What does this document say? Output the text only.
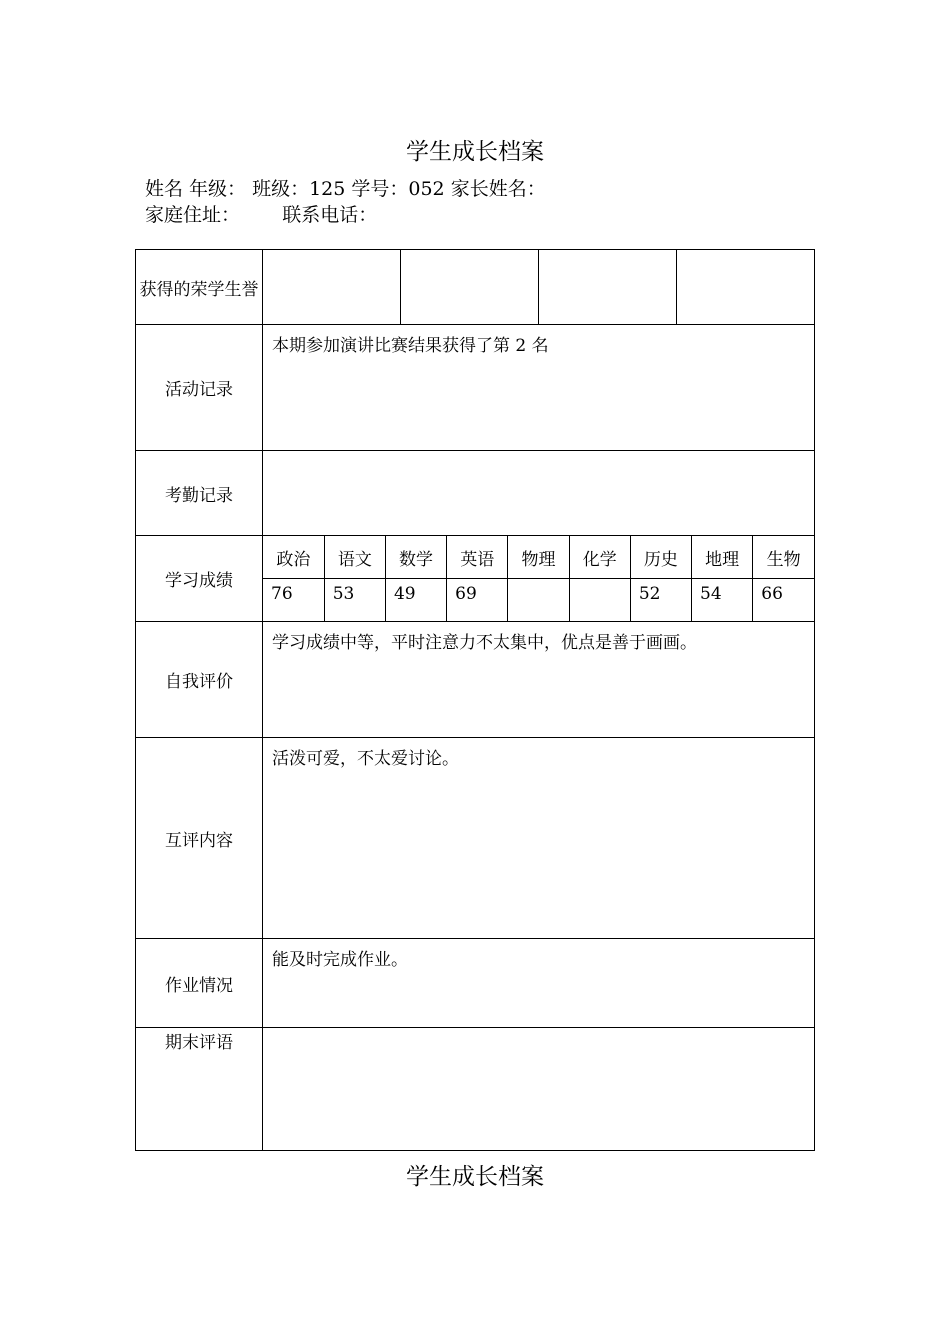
学生成长档案
姓名 年级： 班级：125 学号：052 家长姓名：
家庭住址：       联系电话：
获得的荣学生誉	

活动记录	本期参加演讲比赛结果获得了第 2 名
考勤记录	
学习成绩	
政治	语文	数学	英语	物理	化学	历史	地理	生物
76	53	49	69			52	54	66

自我评价	学习成绩中等，平时注意力不太集中，优点是善于画画。
互评内容	活泼可爱，不太爱讨论。
作业情况	能及时完成作业。
期末评语	
学生成长档案
